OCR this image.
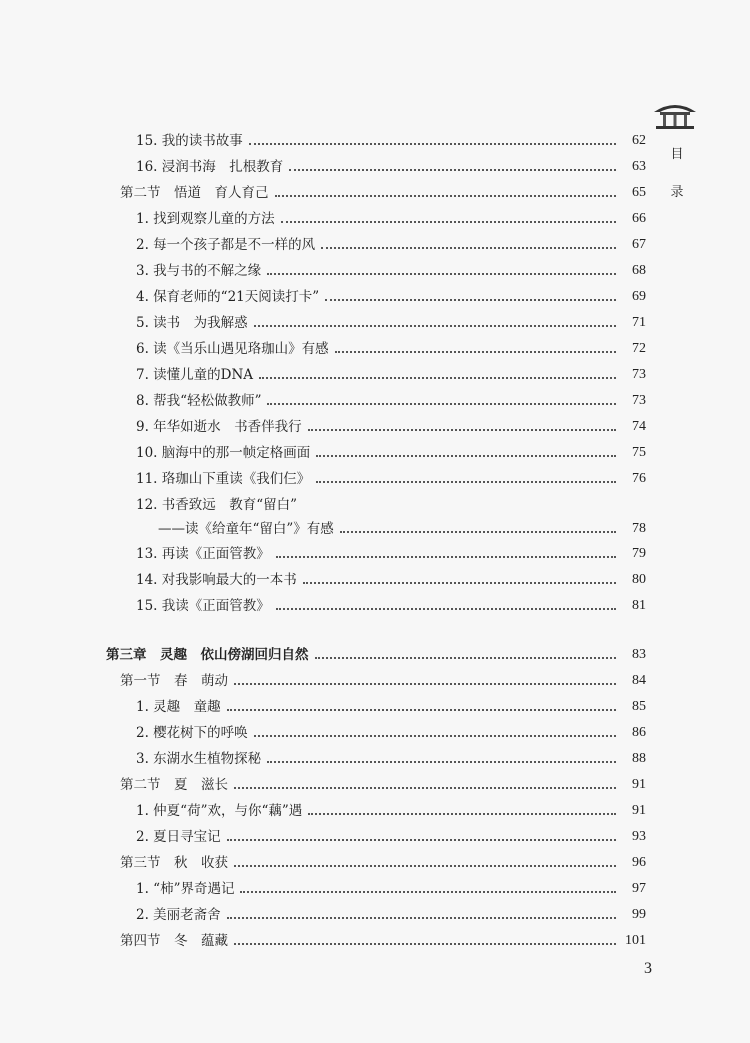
目录
15. 我的读书故事	62
16. 浸润书海　扎根教育	63
第二节　悟道　育人育己	65
1. 找到观察儿童的方法	66
2. 每一个孩子都是不一样的风	67
3. 我与书的不解之缘	68
4. 保育老师的“21天阅读打卡”	69
5. 读书　为我解惑	71
6. 读《当乐山遇见珞珈山》有感	72
7. 读懂儿童的DNA	73
8. 帮我“轻松做教师”	73
9. 年华如逝水　书香伴我行	74
10. 脑海中的那一帧定格画面	75
11. 珞珈山下重读《我们仨》	76
12. 书香致远　教育“留白”
——读《给童年“留白”》有感	78
13. 再读《正面管教》	79
14. 对我影响最大的一本书	80
15. 我读《正面管教》	81
第三章　灵趣　依山傍湖回归自然	83
第一节　春　萌动	84
1. 灵趣　童趣	85
2. 樱花树下的呼唤	86
3. 东湖水生植物探秘	88
第二节　夏　滋长	91
1. 仲夏“荷”欢，与你“藕”遇	91
2. 夏日寻宝记	93
第三节　秋　收获	96
1. “柿”界奇遇记	97
2. 美丽老斋舍	99
第四节　冬　蕴藏	101
3
